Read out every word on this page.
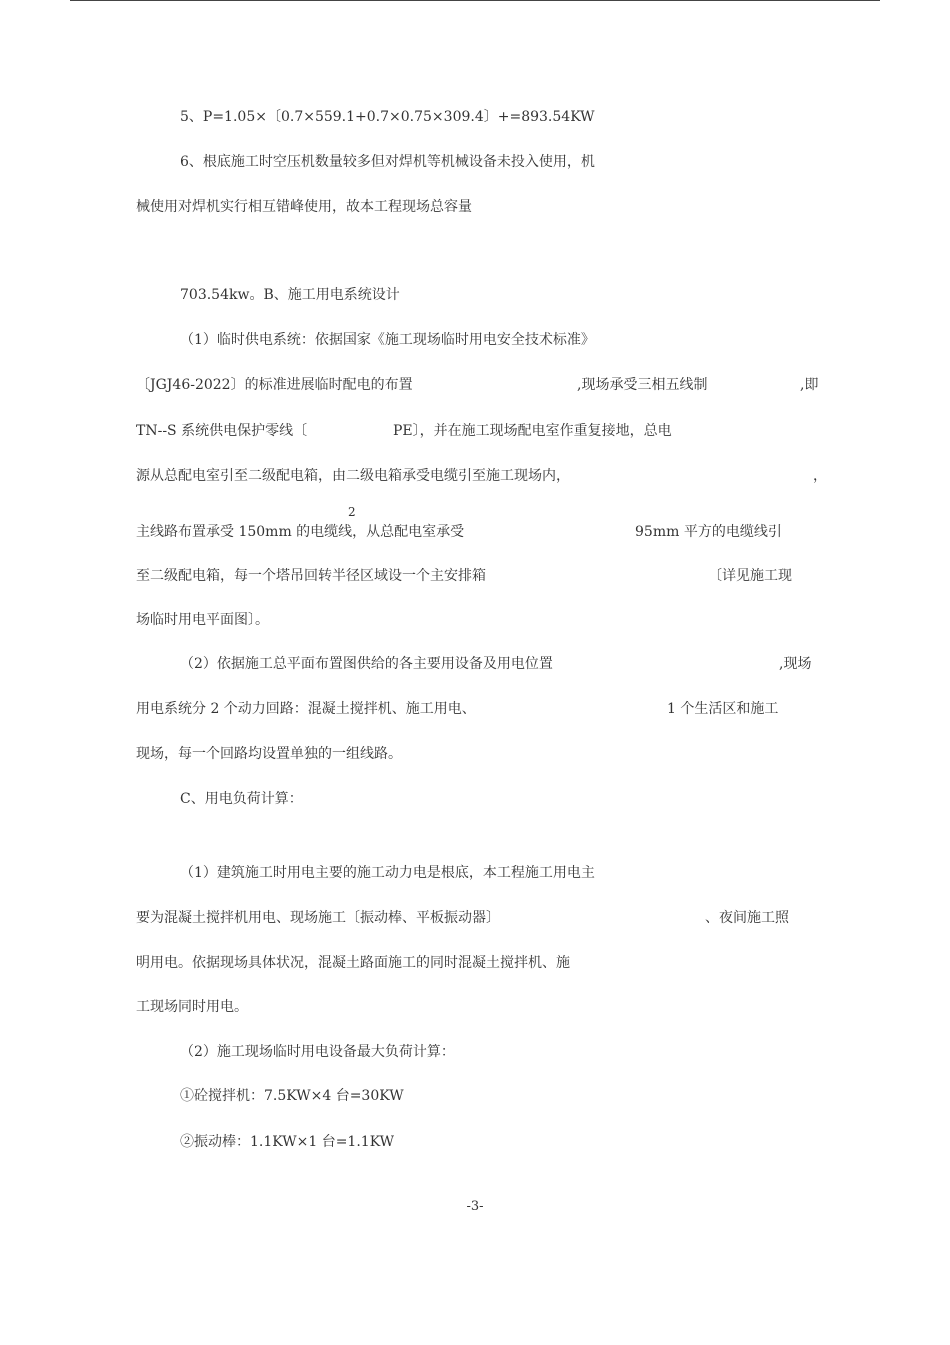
5、P=1.05×〔0.7×559.1+0.7×0.75×309.4〕+=893.54KW
6、根底施工时空压机数量较多但对焊机等机械设备未投入使用，机
械使用对焊机实行相互错峰使用，故本工程现场总容量
703.54kw。B、施工用电系统设计
（1）临时供电系统：依据国家《施工现场临时用电安全技术标准》
〔JGJ46-2022〕的标准进展临时配电的布置	,现场承受三相五线制	,即
TN--S 系统供电保护零线〔	PE〕，并在施工现场配电室作重复接地，总电
源从总配电室引至二级配电箱，由二级电箱承受电缆引至施工现场内，	，
2
主线路布置承受 150mm 的电缆线，从总配电室承受	95mm 平方的电缆线引
至二级配电箱，每一个塔吊回转半径区域设一个主安排箱	〔详见施工现
场临时用电平面图〕。
（2）依据施工总平面布置图供给的各主要用设备及用电位置	,现场
用电系统分 2 个动力回路：混凝土搅拌机、施工用电、	1 个生活区和施工
现场，每一个回路均设置单独的一组线路。
C、用电负荷计算：
（1）建筑施工时用电主要的施工动力电是根底，本工程施工用电主
要为混凝土搅拌机用电、现场施工〔振动棒、平板振动器〕	、夜间施工照
明用电。依据现场具体状况，混凝土路面施工的同时混凝土搅拌机、施
工现场同时用电。
（2）施工现场临时用电设备最大负荷计算：
①砼搅拌机：7.5KW×4 台=30KW
②振动棒：1.1KW×1 台=1.1KW
-3-
